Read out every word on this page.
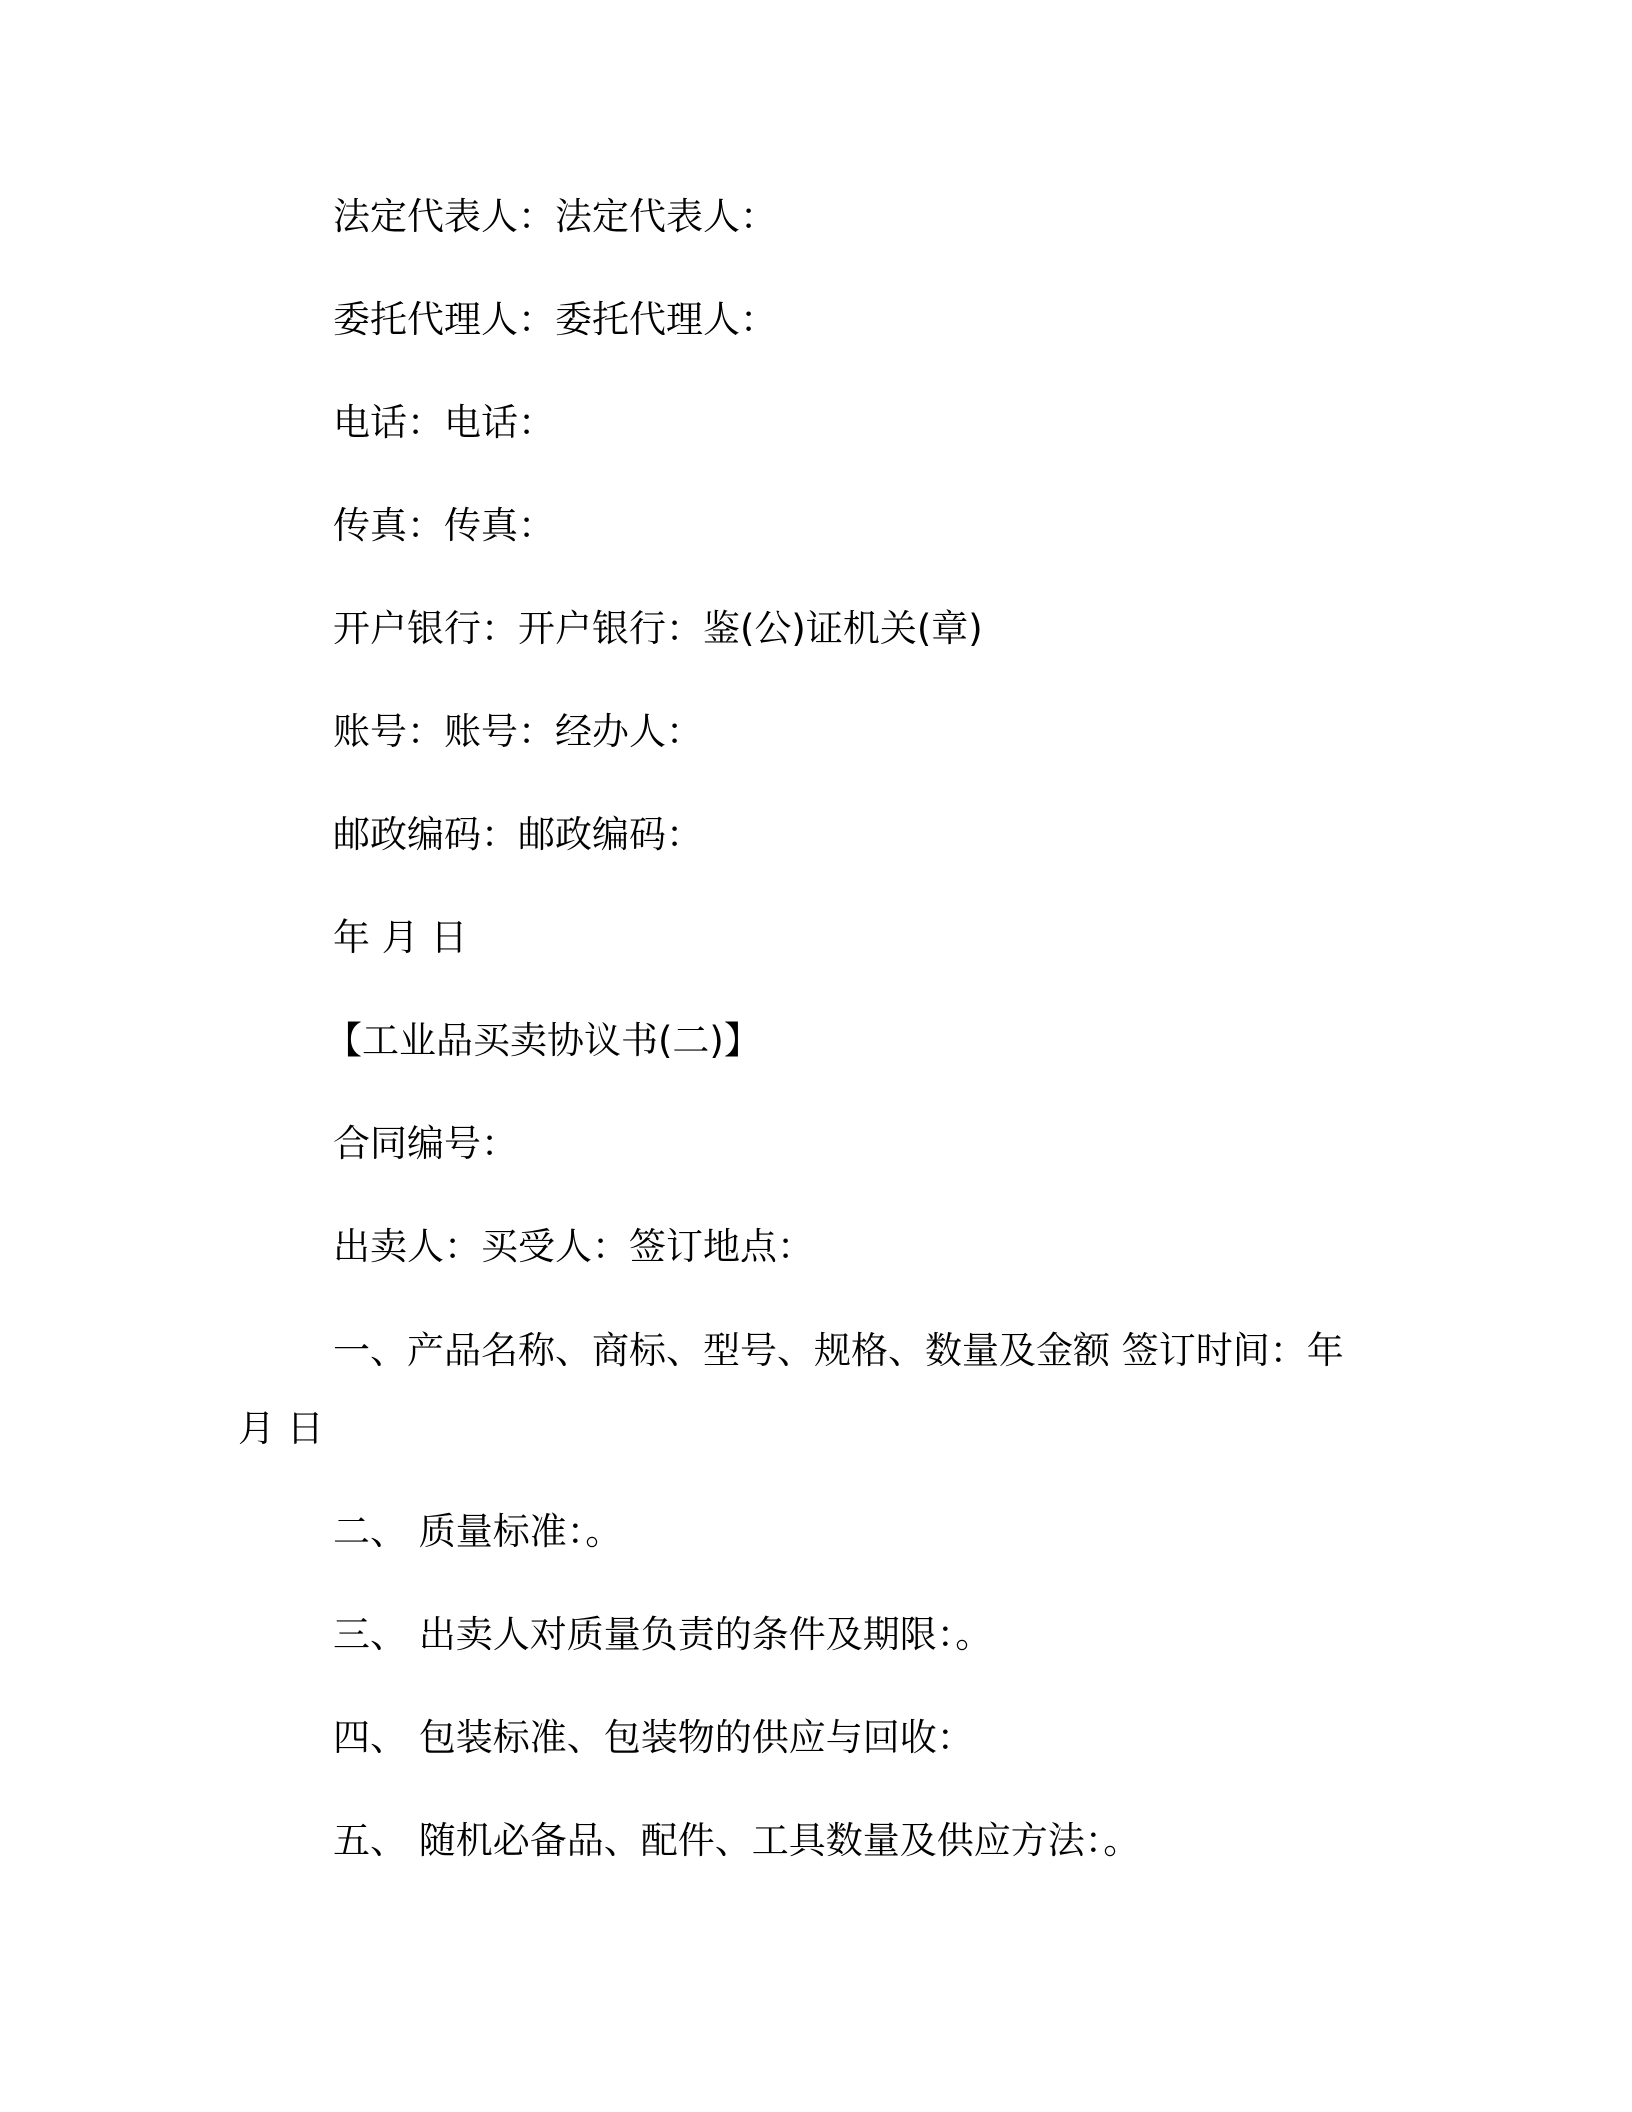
法定代表人：法定代表人：
委托代理人：委托代理人：
电话：电话：
传真：传真：
开户银行：开户银行：鉴(公)证机关(章)
账号：账号：经办人：
邮政编码：邮政编码：
年 月 日
【工业品买卖协议书(二)】
合同编号：
出卖人：买受人：签订地点：
一、产品名称、商标、型号、规格、数量及金额 签订时间：年
月 日
二、 质量标准：。
三、 出卖人对质量负责的条件及期限：。
四、 包装标准、包装物的供应与回收：
五、 随机必备品、配件、工具数量及供应方法：。
